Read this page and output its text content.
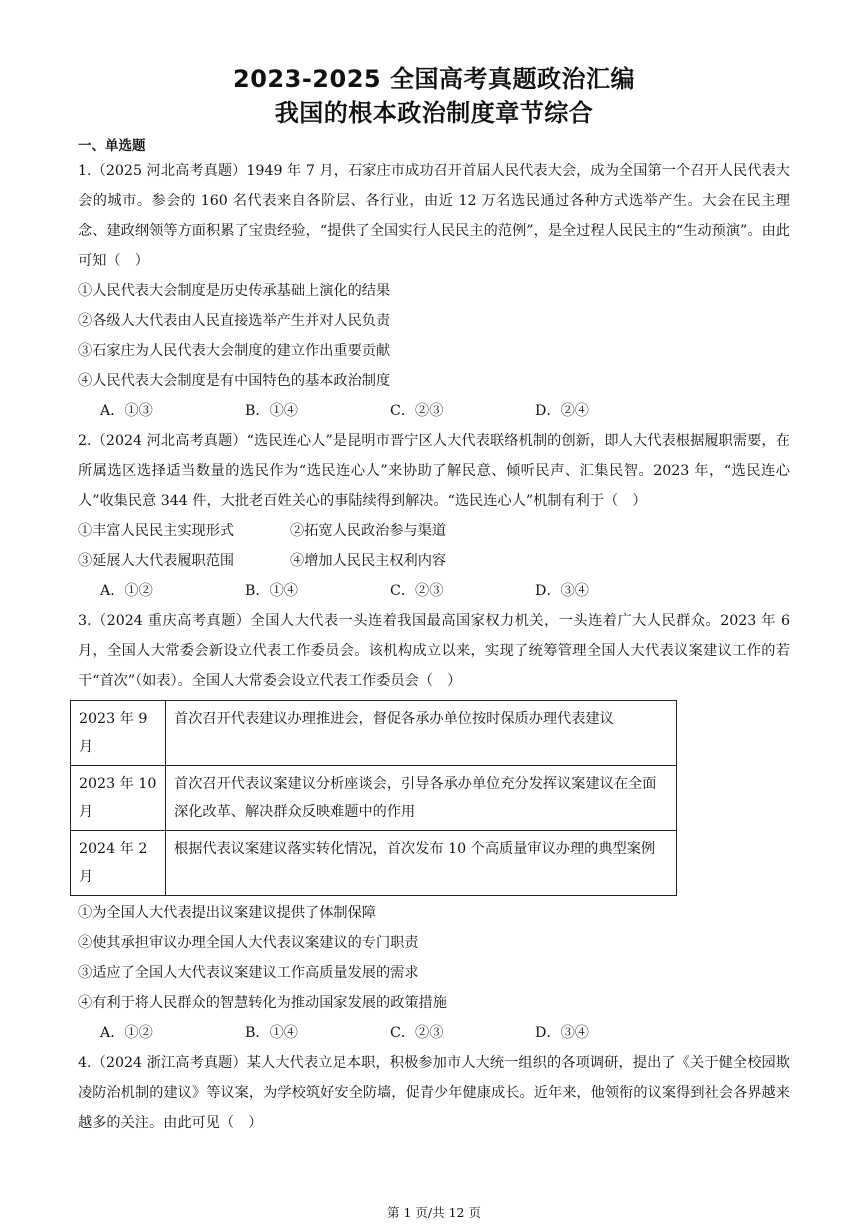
2023-2025 全国高考真题政治汇编
我国的根本政治制度章节综合
一、单选题
1.（2025 河北高考真题）1949 年 7 月，石家庄市成功召开首届人民代表大会，成为全国第一个召开人民代表大会的城市。参会的 160 名代表来自各阶层、各行业，由近 12 万名选民通过各种方式选举产生。大会在民主理念、建政纲领等方面积累了宝贵经验，“提供了全国实行人民民主的范例”，是全过程人民民主的“生动预演”。由此可知（　）
①人民代表大会制度是历史传承基础上演化的结果
②各级人大代表由人民直接选举产生并对人民负责
③石家庄为人民代表大会制度的建立作出重要贡献
④人民代表大会制度是有中国特色的基本政治制度
A．①③	B．①④	C．②③	D．②④
2.（2024 河北高考真题）“选民连心人”是昆明市晋宁区人大代表联络机制的创新，即人大代表根据履职需要，在所属选区选择适当数量的选民作为“选民连心人”来协助了解民意、倾听民声、汇集民智。2023 年，“选民连心人”收集民意 344 件，大批老百姓关心的事陆续得到解决。“选民连心人”机制有利于（　）
①丰富人民民主实现形式	②拓宽人民政治参与渠道
③延展人大代表履职范围	④增加人民民主权利内容
A．①②	B．①④	C．②③	D．③④
3.（2024 重庆高考真题）全国人大代表一头连着我国最高国家权力机关，一头连着广大人民群众。2023 年 6 月，全国人大常委会新设立代表工作委员会。该机构成立以来，实现了统筹管理全国人大代表议案建议工作的若干“首次”（如表）。全国人大常委会设立代表工作委员会（　）
2023 年 9 月	首次召开代表建议办理推进会，督促各承办单位按时保质办理代表建议
2023 年 10 月	首次召开代表议案建议分析座谈会，引导各承办单位充分发挥议案建议在全面深化改革、解决群众反映难题中的作用
2024 年 2 月	根据代表议案建议落实转化情况，首次发布 10 个高质量审议办理的典型案例
①为全国人大代表提出议案建议提供了体制保障
②使其承担审议办理全国人大代表议案建议的专门职责
③适应了全国人大代表议案建议工作高质量发展的需求
④有利于将人民群众的智慧转化为推动国家发展的政策措施
A．①②	B．①④	C．②③	D．③④
4.（2024 浙江高考真题）某人大代表立足本职，积极参加市人大统一组织的各项调研，提出了《关于健全校园欺凌防治机制的建议》等议案，为学校筑好安全防墙，促青少年健康成长。近年来，他领衔的议案得到社会各界越来越多的关注。由此可见（　）
第 1 页/共 12 页
